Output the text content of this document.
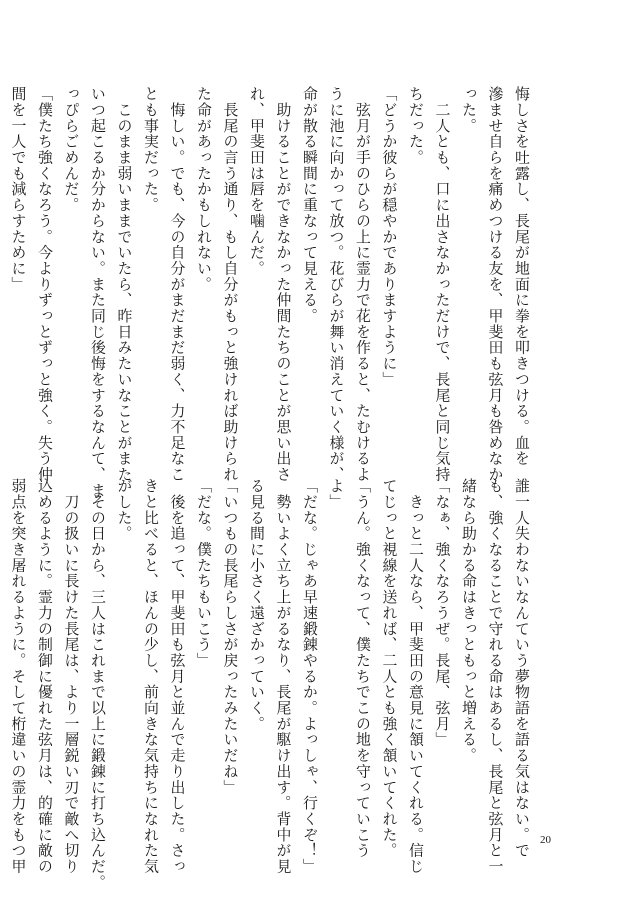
悔しさを吐露し、長尾が地面に拳を叩きつける。血を
滲ませ自らを痛めつける友を、甲斐田も弦月も咎めなか
った。
　二人とも、口に出さなかっただけで、長尾と同じ気持
ちだった。
「どうか彼らが穏やかでありますように」
　弦月が手のひらの上に霊力で花を作ると、たむけるよ
うに池に向かって放つ。花びらが舞い消えていく様が、
命が散る瞬間に重なって見える。
　助けることができなかった仲間たちのことが思い出さ
れ、甲斐田は唇を噛んだ。
　長尾の言う通り、もし自分がもっと強ければ助けられ
た命があったかもしれない。
　悔しい。でも、今の自分がまだまだ弱く、力不足なこ
とも事実だった。
　このまま弱いままでいたら、昨日みたいなことがまた
いつ起こるか分からない。また同じ後悔をするなんて、ま
っぴらごめんだ。
「僕たち強くなろう。今よりずっとずっと強く。失う仲
間を一人でも減らすために」
誰一人失わないなんていう夢物語を語る気はない。で
も、強くなることで守れる命はあるし、長尾と弦月と一
緒なら助かる命はきっともっと増える。
「なぁ、強くなろうぜ。長尾、弦月」
　きっと二人なら、甲斐田の意見に頷いてくれる。信じ
てじっと視線を送れば、二人とも強く頷いてくれた。
「うん。強くなって、僕たちでこの地を守っていこう
よ」
「だな。じゃあ早速鍛錬やるか。よっしゃ、行くぞ！」
　勢いよく立ち上がるなり、長尾が駆け出す。背中が見
る見る間に小さく遠ざかっていく。
「いつもの長尾らしさが戻ったみたいだね」
「だな。僕たちもいこう」
　後を追って、甲斐田も弦月と並んで走り出した。さっ
きと比べると、ほんの少し、前向きな気持ちになれた気
がした。
　その日から、三人はこれまで以上に鍛錬に打ち込んだ。
　刀の扱いに長けた長尾は、より一層鋭い刃で敵へ切り
込めるように。霊力の制御に優れた弦月は、的確に敵の
弱点を突き屠れるように。そして桁違いの霊力をもつ甲	20
